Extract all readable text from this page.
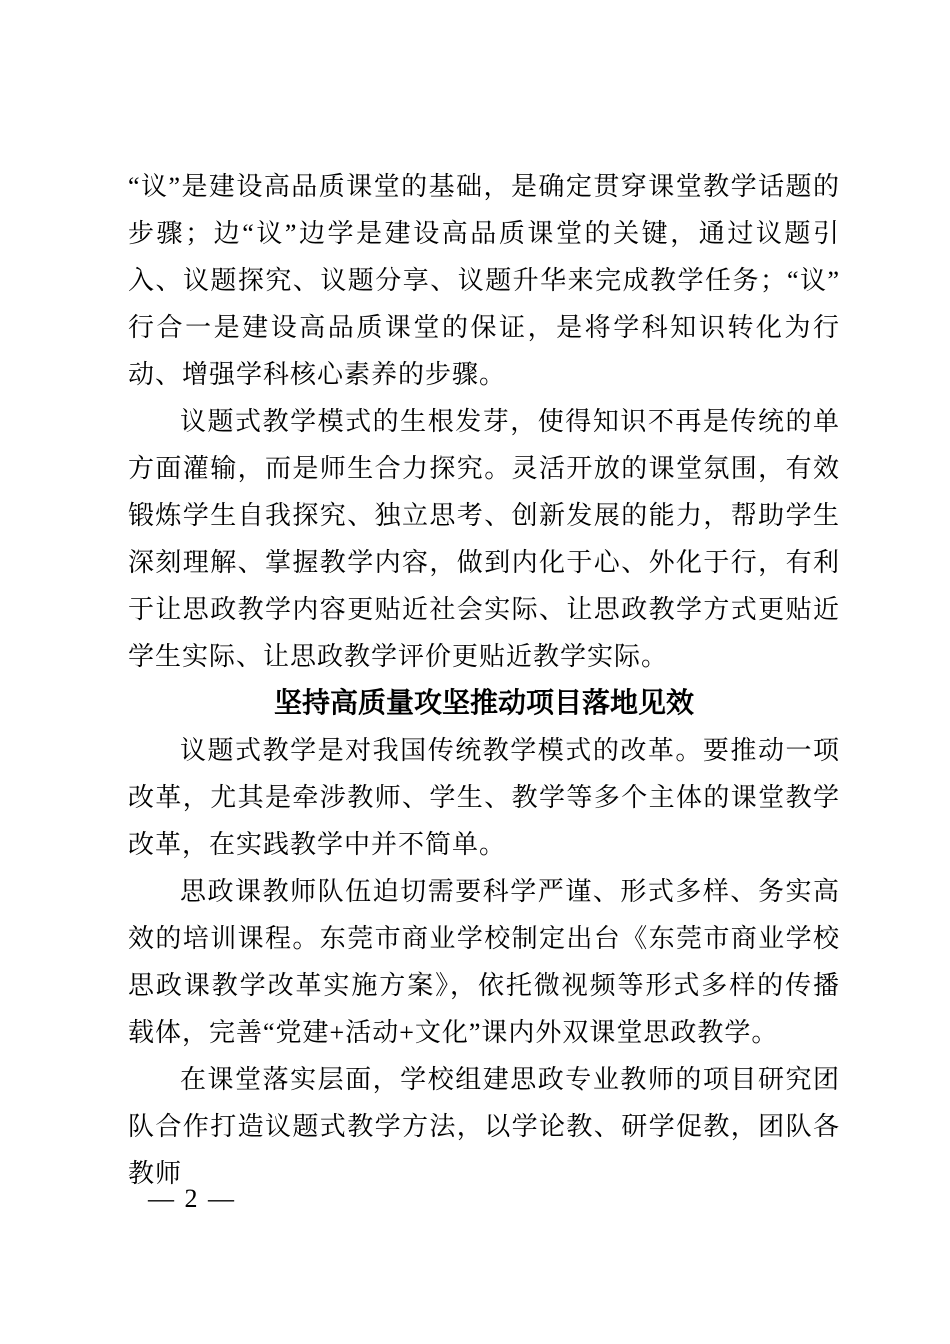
“议”是建设高品质课堂的基础，是确定贯穿课堂教学话题的步骤；边“议”边学是建设高品质课堂的关键，通过议题引入、议题探究、议题分享、议题升华来完成教学任务；“议”行合一是建设高品质课堂的保证，是将学科知识转化为行动、增强学科核心素养的步骤。

议题式教学模式的生根发芽，使得知识不再是传统的单方面灌输，而是师生合力探究。灵活开放的课堂氛围，有效锻炼学生自我探究、独立思考、创新发展的能力，帮助学生深刻理解、掌握教学内容，做到内化于心、外化于行，有利于让思政教学内容更贴近社会实际、让思政教学方式更贴近学生实际、让思政教学评价更贴近教学实际。

坚持高质量攻坚推动项目落地见效

议题式教学是对我国传统教学模式的改革。要推动一项改革，尤其是牵涉教师、学生、教学等多个主体的课堂教学改革，在实践教学中并不简单。

思政课教师队伍迫切需要科学严谨、形式多样、务实高效的培训课程。东莞市商业学校制定出台《东莞市商业学校思政课教学改革实施方案》，依托微视频等形式多样的传播载体，完善“党建+活动+文化”课内外双课堂思政教学。

在课堂落实层面，学校组建思政专业教师的项目研究团队合作打造议题式教学方法，以学论教、研学促教，团队各教师

— 2 —
